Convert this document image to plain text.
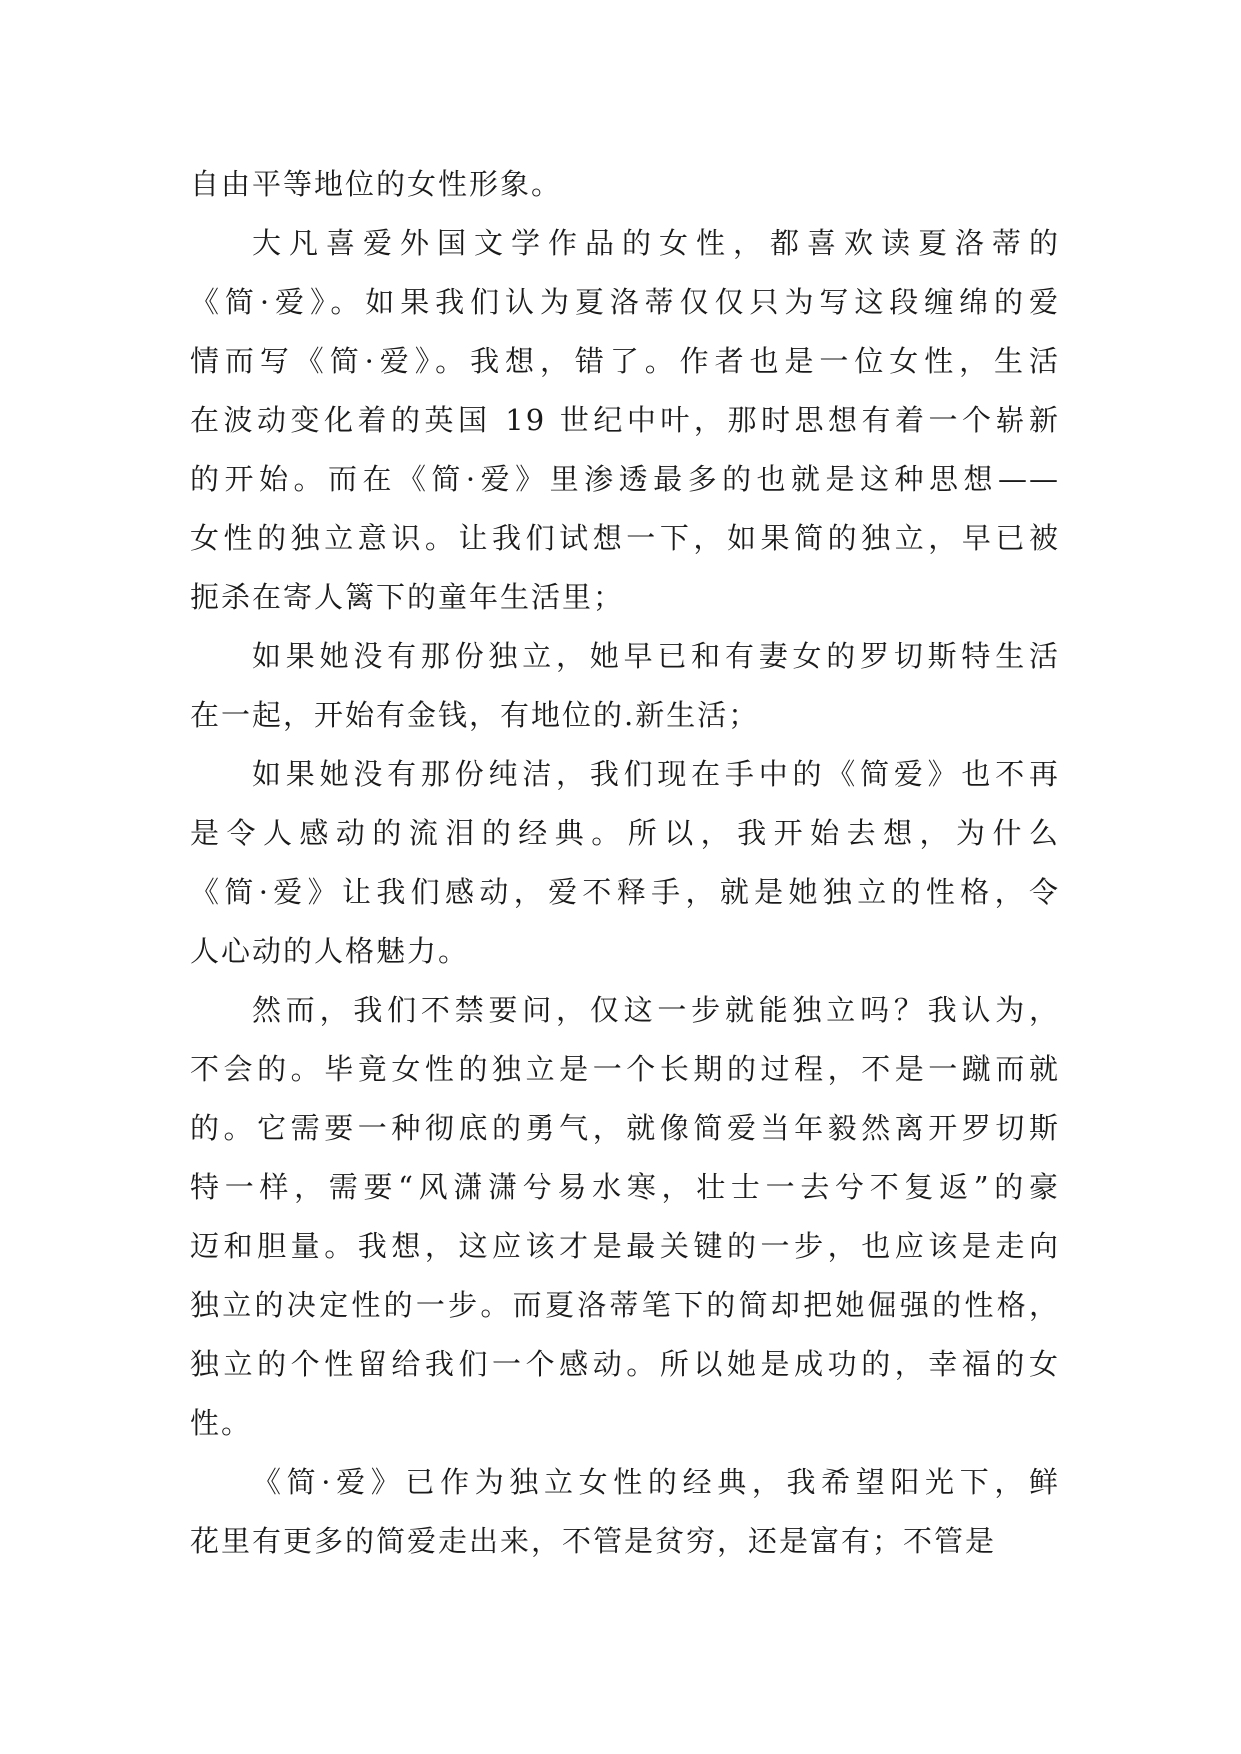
自由平等地位的女性形象。
大凡喜爱外国文学作品的女性，都喜欢读夏洛蒂的
《简·爱》。如果我们认为夏洛蒂仅仅只为写这段缠绵的爱
情而写《简·爱》。我想，错了。作者也是一位女性，生活
在波动变化着的英国 19 世纪中叶，那时思想有着一个崭新
的开始。而在《简·爱》里渗透最多的也就是这种思想——
女性的独立意识。让我们试想一下，如果简的独立，早已被
扼杀在寄人篱下的童年生活里；
如果她没有那份独立，她早已和有妻女的罗切斯特生活
在一起，开始有金钱，有地位的.新生活；
如果她没有那份纯洁，我们现在手中的《简爱》也不再
是令人感动的流泪的经典。所以，我开始去想，为什么
《简·爱》让我们感动，爱不释手，就是她独立的性格，令
人心动的人格魅力。
然而，我们不禁要问，仅这一步就能独立吗？我认为，
不会的。毕竟女性的独立是一个长期的过程，不是一蹴而就
的。它需要一种彻底的勇气，就像简爱当年毅然离开罗切斯
特一样，需要“风潇潇兮易水寒，壮士一去兮不复返”的豪
迈和胆量。我想，这应该才是最关键的一步，也应该是走向
独立的决定性的一步。而夏洛蒂笔下的简却把她倔强的性格，
独立的个性留给我们一个感动。所以她是成功的，幸福的女
性。
《简·爱》已作为独立女性的经典，我希望阳光下，鲜
花里有更多的简爱走出来，不管是贫穷，还是富有；不管是
